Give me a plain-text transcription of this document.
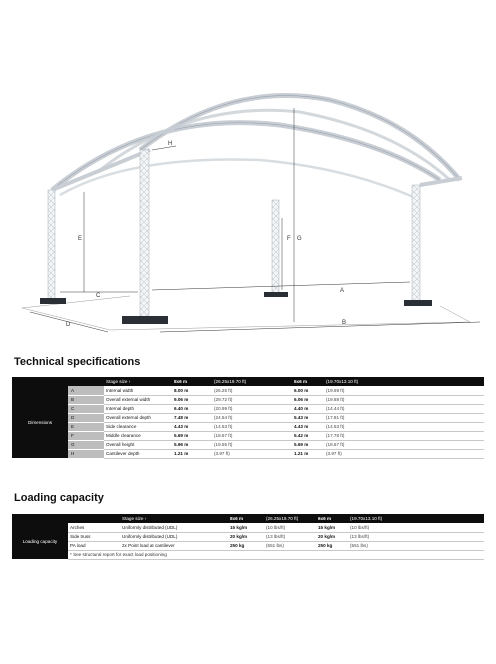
E	F G
C
A
B
D
H
Technical specifications
		Stage size ›	8x6 m	(26.25x19.70 ft)	6x6 m	(19.70x13.10 ft)
Dimensions	A	Internal width	8.00 m	(26.25 ft)	6.00 m	(19.69 ft)
	B	Overall external width	9.06 m	(29.72 ft)	6.06 m	(19.88 ft)
	C	Internal depth	6.40 m	(20.99 ft)	4.40 m	(14.44 ft)
	D	Overall external depth	7.48 m	(24.54 ft)	5.43 m	(17.81 ft)
	E	Side clearance	4.43 m	(14.53 ft)	4.43 m	(14.53 ft)
	F	Middle clearance	5.69 m	(18.67 ft)	5.42 m	(17.78 ft)
	G	Overall height	5.96 m	(19.55 ft)	5.69 m	(18.67 ft)
	H	Cantilever depth	1.21 m	(3.97 ft)	1.21 m	(3.97 ft)
Loading capacity
		Stage size ›	8x6 m	(26.25x19.70 ft)	6x6 m	(19.70x13.10 ft)
Loading capacity	Arches	Uniformly distributed (UDL)	15 kg/m	(10 lbs/ft)	15 kg/m	(10 lbs/ft)
	Side truss	Uniformly distributed (UDL)	20 kg/m	(13 lbs/ft)	20 kg/m	(13 lbs/ft)
	PA load	2x Point load at cantilever	250 kg	(551 lbs)	250 kg	(551 lbs)
	* See structural report for exact load positioning					
